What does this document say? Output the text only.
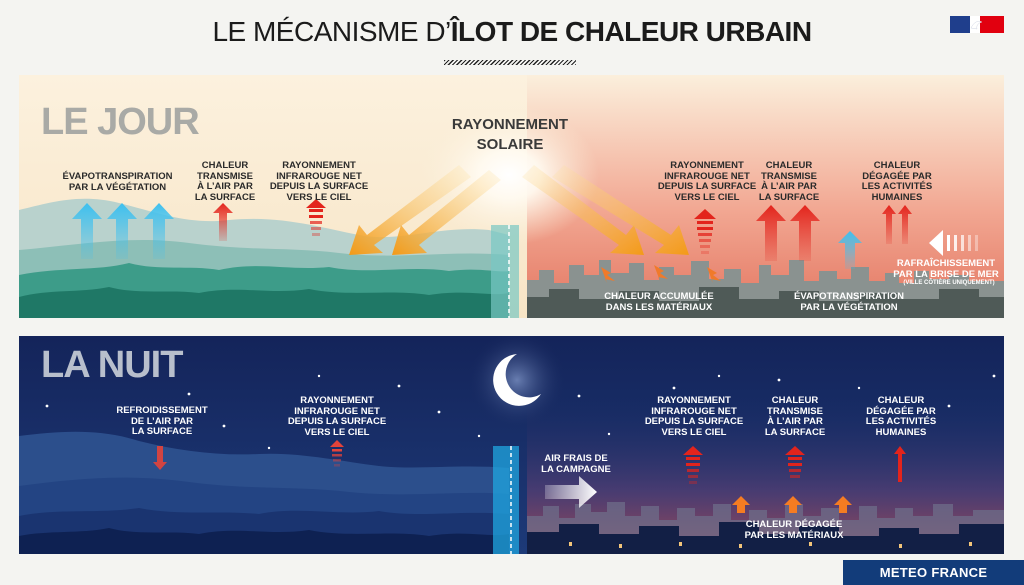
LE MÉCANISME D’ÎLOT DE CHALEUR URBAIN
LE JOUR	RAYONNEMENT
SOLAIRE
ÉVAPOTRANSPIRATION
PAR LA VÉGÉTATION
CHALEUR
TRANSMISE
À L’AIR PAR
LA SURFACE
RAYONNEMENT
INFRAROUGE NET
DEPUIS LA SURFACE
VERS LE CIEL
RAYONNEMENT
INFRAROUGE NET
DEPUIS LA SURFACE
VERS LE CIEL
CHALEUR
TRANSMISE
À L’AIR PAR
LA SURFACE
CHALEUR
DÉGAGÉE PAR
LES ACTIVITÉS
HUMAINES
RAFRAÎCHISSEMENT
PAR LA BRISE DE MER
(VILLE CÔTIÈRE UNIQUEMENT)
CHALEUR ACCUMULÉE
DANS LES MATÉRIAUX
ÉVAPOTRANSPIRATION
PAR LA VÉGÉTATION
LA NUIT
REFROIDISSEMENT
DE L’AIR PAR
LA SURFACE
RAYONNEMENT
INFRAROUGE NET
DEPUIS LA SURFACE
VERS LE CIEL
AIR FRAIS DE
LA CAMPAGNE
RAYONNEMENT
INFRAROUGE NET
DEPUIS LA SURFACE
VERS LE CIEL
CHALEUR
TRANSMISE
À L’AIR PAR
LA SURFACE
CHALEUR
DÉGAGÉE PAR
LES ACTIVITÉS
HUMAINES
CHALEUR DÉGAGÉE
PAR LES MATÉRIAUX
METEO FRANCE
